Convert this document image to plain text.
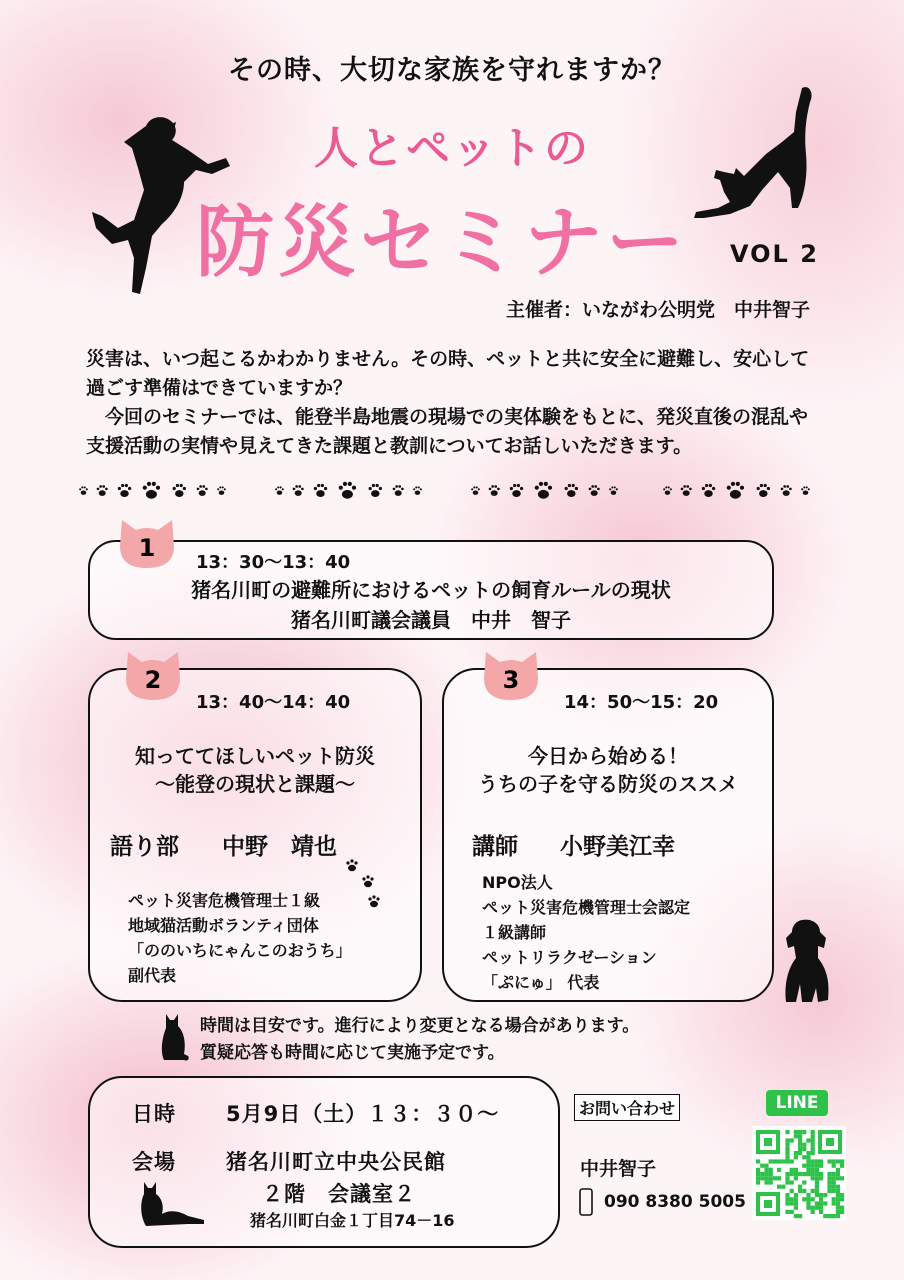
その時、大切な家族を守れますか？
人とペットの
防災セミナー VOL 2
主催者：いながわ公明党　中井智子

災害は、いつ起こるかわかりません。その時、ペットと共に安全に避難し、安心して過ごす準備はできていますか？

　今回のセミナーでは、能登半島地震の現場での実体験をもとに、発災直後の混乱や支援活動の実情や見えてきた課題と教訓についてお話しいただきます。

1
13：30〜13：40
猪名川町の避難所におけるペットの飼育ルールの現状
猪名川町議会議員　中井　智子
2
13：40〜14：40
知っててほしいペット防災
〜能登の現状と課題〜
語り部 中野　靖也
ペット災害危機管理士１級
地域猫活動ボランティ団体
「ののいちにゃんこのおうち」
副代表
3
14：50〜15：20
今日から始める！
うちの子を守る防災のススメ
講師 小野美江幸
NPO法人
ペット災害危機管理士会認定
１級講師
ペットリラクゼーション
「ぷにゅ」 代表
時間は目安です。進行により変更となる場合があります。
質疑応答も時間に応じて実施予定です。
日時 5月9日（土）１３：３０〜
会場 猪名川町立中央公民館
２階　会議室２
猪名川町白金１丁目74－16
お問い合わせ
中井智子
090 8380 5005
LINE
